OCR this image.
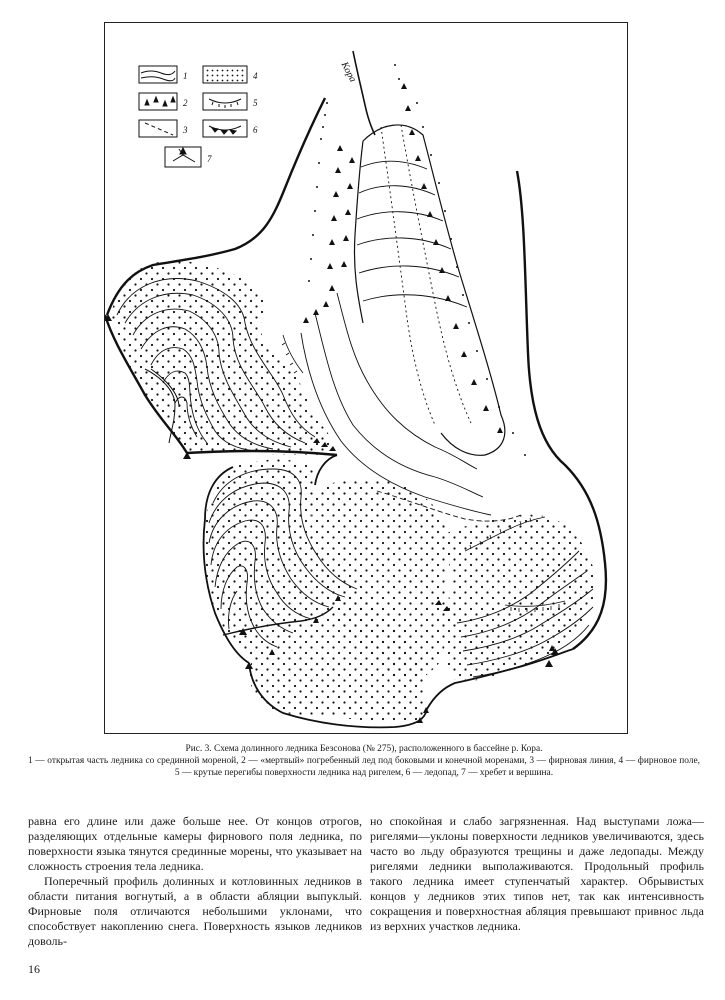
1
2
3
4
5
6
7
Кора
Рис. 3. Схема долинного ледника Безсонова (№ 275), расположенного в бассейне р. Кора.
1 — открытая часть ледника со срединной мореной, 2 — «мертвый» погребенный лед под боковыми и конечной моренами, 3 — фирновая линия, 4 — фирновое поле, 5 — крутые перегибы поверхности ледника над ригелем, 6 — ледопад, 7 — хребет и вершина.

равна его длине или даже больше нее. От концов отрогов, разделяющих отдельные камеры фирнового поля ледника, по поверхности языка тянутся срединные морены, что указывает на сложность строения тела ледника.

Поперечный профиль долинных и котловинных ледников в области питания вогнутый, а в области абляции выпуклый. Фирновые поля отличаются небольшими уклонами, что способствует накоплению снега. Поверхность языков ледников доволь-

но спокойная и слабо загрязненная. Над выступами ложа—ригелями—уклоны поверхности ледников увеличиваются, здесь часто во льду образуются трещины и даже ледопады. Между ригелями ледники выполаживаются. Продольный профиль такого ледника имеет ступенчатый характер. Обрывистых концов у ледников этих типов нет, так как интенсивность сокращения и поверхностная абляция превышают привнос льда из верхних участков ледника.

16
